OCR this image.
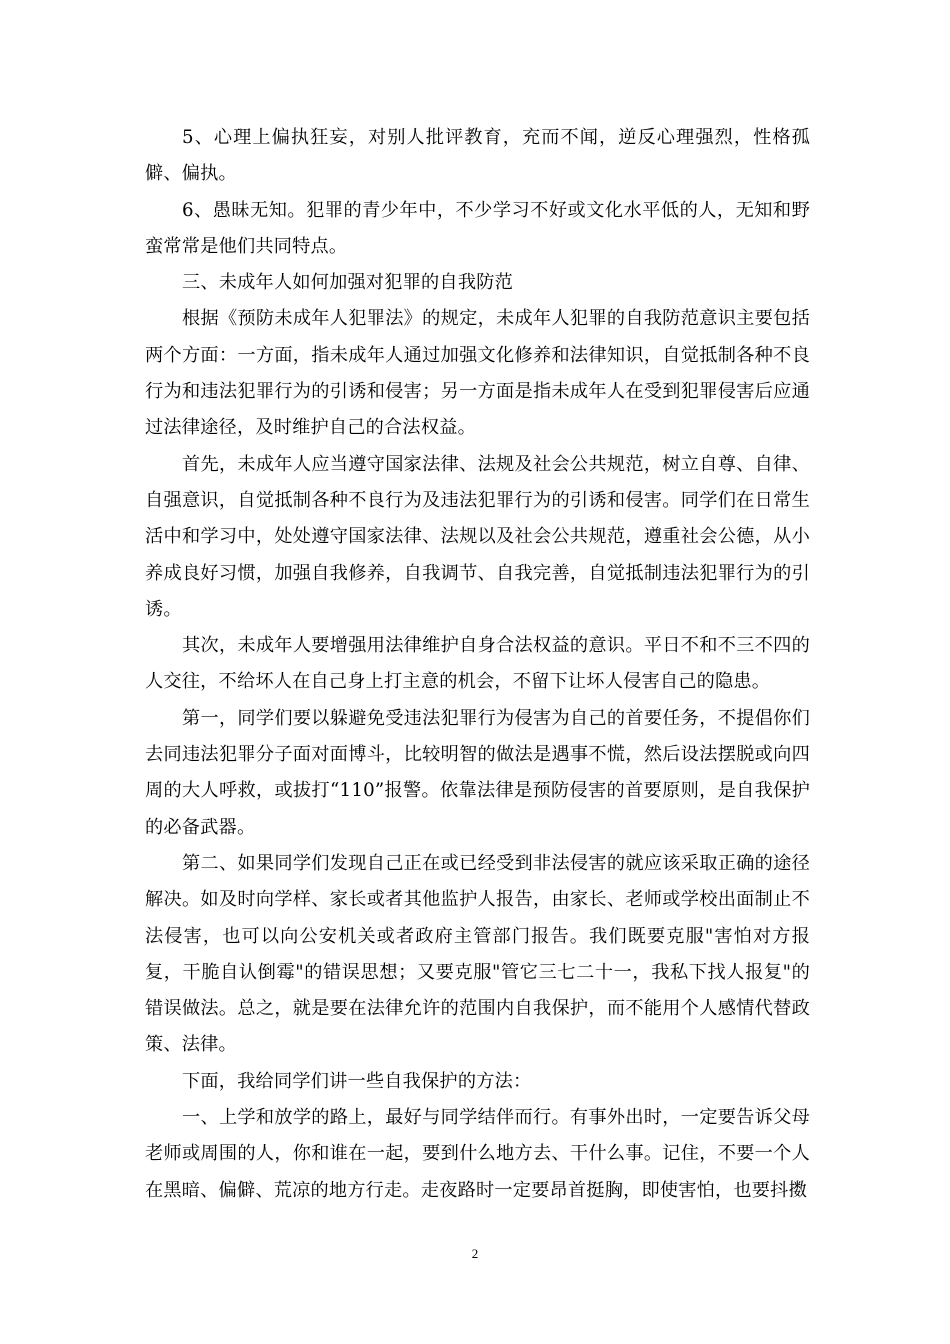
5、心理上偏执狂妄，对别人批评教育，充而不闻，逆反心理强烈，性格孤僻、偏执。

6、愚昧无知。犯罪的青少年中，不少学习不好或文化水平低的人，无知和野蛮常常是他们共同特点。

三、未成年人如何加强对犯罪的自我防范

根据《预防未成年人犯罪法》的规定，未成年人犯罪的自我防范意识主要包括两个方面：一方面，指未成年人通过加强文化修养和法律知识，自觉抵制各种不良行为和违法犯罪行为的引诱和侵害；另一方面是指未成年人在受到犯罪侵害后应通过法律途径，及时维护自己的合法权益。

首先，未成年人应当遵守国家法律、法规及社会公共规范，树立自尊、自律、自强意识，自觉抵制各种不良行为及违法犯罪行为的引诱和侵害。同学们在日常生活中和学习中，处处遵守国家法律、法规以及社会公共规范，遵重社会公德，从小养成良好习惯，加强自我修养，自我调节、自我完善，自觉抵制违法犯罪行为的引诱。

其次，未成年人要增强用法律维护自身合法权益的意识。平日不和不三不四的人交往，不给坏人在自己身上打主意的机会，不留下让坏人侵害自己的隐患。

第一，同学们要以躲避免受违法犯罪行为侵害为自己的首要任务，不提倡你们去同违法犯罪分子面对面博斗，比较明智的做法是遇事不慌，然后设法摆脱或向四周的大人呼救，或拔打“110”报警。依靠法律是预防侵害的首要原则，是自我保护的必备武器。

第二、如果同学们发现自己正在或已经受到非法侵害的就应该采取正确的途径解决。如及时向学样、家长或者其他监护人报告，由家长、老师或学校出面制止不法侵害，也可以向公安机关或者政府主管部门报告。我们既要克服"害怕对方报复，干脆自认倒霉"的错误思想；又要克服"管它三七二十一，我私下找人报复"的错误做法。总之，就是要在法律允许的范围内自我保护，而不能用个人感情代替政策、法律。

下面，我给同学们讲一些自我保护的方法：

一、上学和放学的路上，最好与同学结伴而行。有事外出时，一定要告诉父母老师或周围的人，你和谁在一起，要到什么地方去、干什么事。记住，不要一个人在黑暗、偏僻、荒凉的地方行走。走夜路时一定要昂首挺胸，即使害怕，也要抖擞

2
